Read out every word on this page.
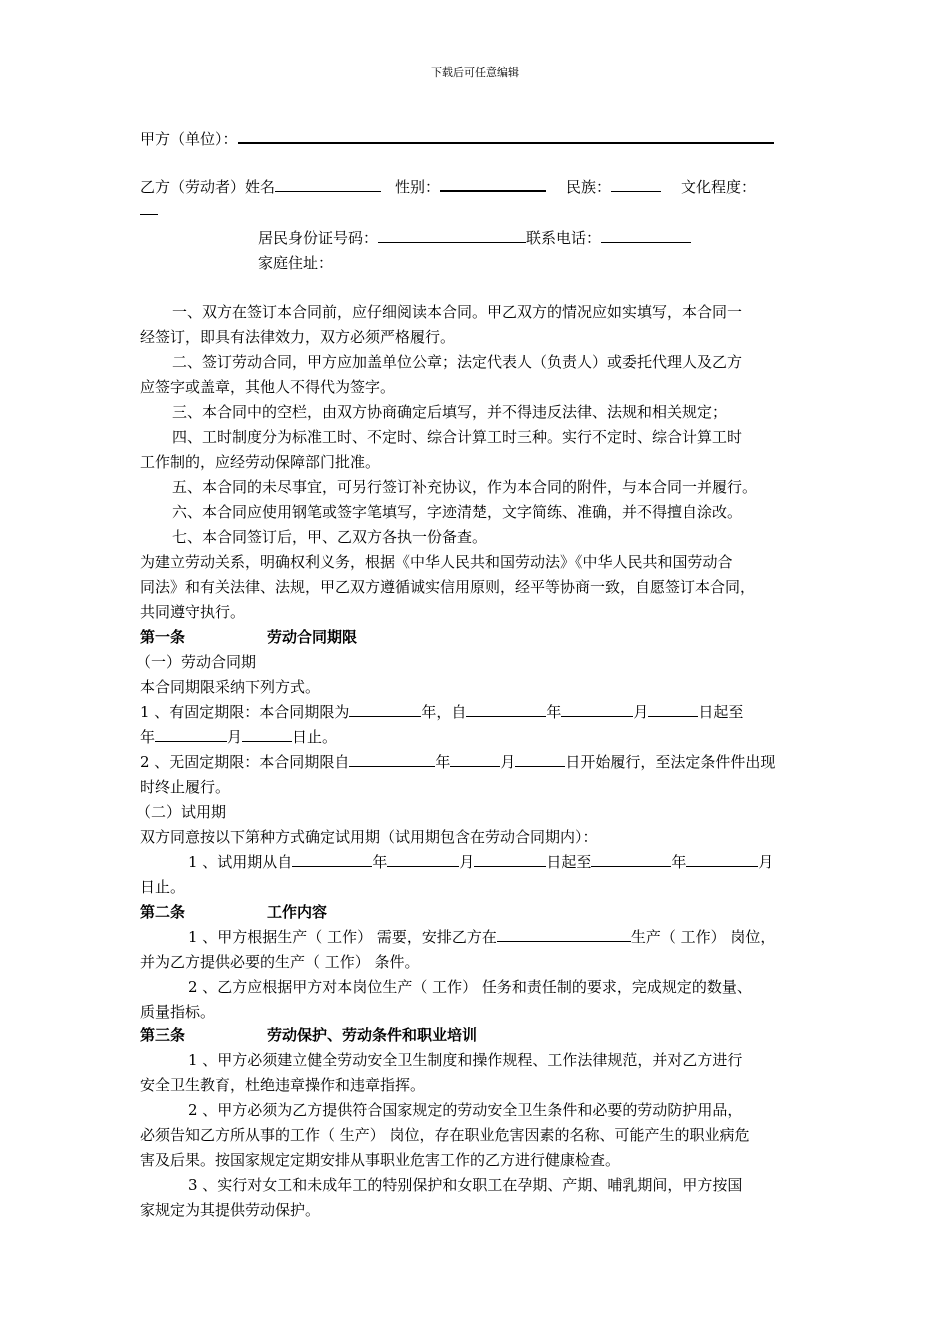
下载后可任意编辑
甲方（单位）：
乙方（劳动者）姓名	性别：	民族：	文化程度：
居民身份证号码：	联系电话：
家庭住址：
一、双方在签订本合同前，应仔细阅读本合同。甲乙双方的情况应如实填写，本合同一
经签订，即具有法律效力，双方必须严格履行。
二、签订劳动合同，甲方应加盖单位公章；法定代表人（负责人）或委托代理人及乙方
应签字或盖章，其他人不得代为签字。
三、本合同中的空栏，由双方协商确定后填写，并不得违反法律、法规和相关规定；
四、工时制度分为标准工时、不定时、综合计算工时三种。实行不定时、综合计算工时
工作制的，应经劳动保障部门批准。
五、本合同的未尽事宜，可另行签订补充协议，作为本合同的附件，与本合同一并履行。
六、本合同应使用钢笔或签字笔填写，字迹清楚，文字简练、准确，并不得擅自涂改。
七、本合同签订后，甲、乙双方各执一份备查。
为建立劳动关系，明确权利义务，根据《中华人民共和国劳动法》《中华人民共和国劳动合
同法》和有关法律、法规，甲乙双方遵循诚实信用原则，经平等协商一致，自愿签订本合同，
共同遵守执行。
第一条	劳动合同期限
（一）劳动合同期
本合同期限采纳下列方式。
1 、有固定期限：本合同期限为	年，自	年	月	日起至
年	月	日止。
2 、无固定期限：本合同期限自	年	月	日开始履行，至法定条件件出现
时终止履行。
（二）试用期
双方同意按以下第种方式确定试用期（试用期包含在劳动合同期内）：
1 、试用期从自	年	月	日起至	年	月
日止。
第二条	工作内容
1 、甲方根据生产（ 工作） 需要，安排乙方在	生产（ 工作） 岗位，
并为乙方提供必要的生产（ 工作） 条件。
2 、乙方应根据甲方对本岗位生产（ 工作） 任务和责任制的要求，完成规定的数量、
质量指标。
第三条	劳动保护、劳动条件和职业培训
1 、甲方必须建立健全劳动安全卫生制度和操作规程、工作法律规范，并对乙方进行
安全卫生教育，杜绝违章操作和违章指挥。
2 、甲方必须为乙方提供符合国家规定的劳动安全卫生条件和必要的劳动防护用品，
必须告知乙方所从事的工作（ 生产） 岗位，存在职业危害因素的名称、可能产生的职业病危
害及后果。按国家规定定期安排从事职业危害工作的乙方进行健康检查。
3 、实行对女工和未成年工的特别保护和女职工在孕期、产期、哺乳期间，甲方按国
家规定为其提供劳动保护。
